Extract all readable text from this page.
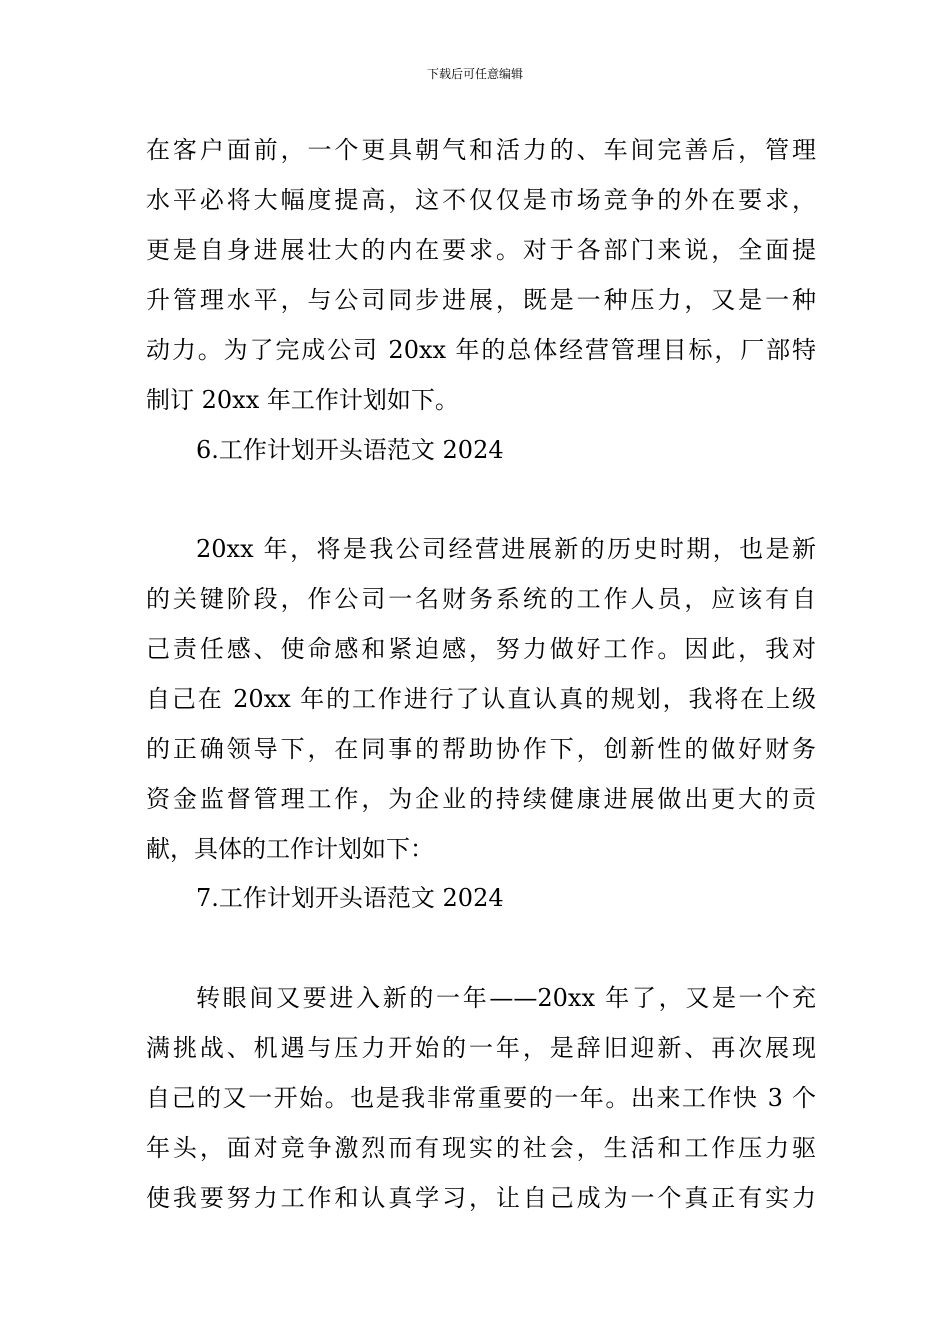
下载后可任意编辑
在客户面前，一个更具朝气和活力的、车间完善后，管理
水平必将大幅度提高，这不仅仅是市场竞争的外在要求，
更是自身进展壮大的内在要求。对于各部门来说，全面提
升管理水平，与公司同步进展，既是一种压力，又是一种
动力。为了完成公司 20xx 年的总体经营管理目标，厂部特
制订 20xx 年工作计划如下。
6.工作计划开头语范文 2024
20xx 年，将是我公司经营进展新的历史时期，也是新
的关键阶段，作公司一名财务系统的工作人员，应该有自
己责任感、使命感和紧迫感，努力做好工作。因此，我对
自己在 20xx 年的工作进行了认直认真的规划，我将在上级
的正确领导下，在同事的帮助协作下，创新性的做好财务
资金监督管理工作，为企业的持续健康进展做出更大的贡
献，具体的工作计划如下：
7.工作计划开头语范文 2024
转眼间又要进入新的一年——20xx 年了，又是一个充
满挑战、机遇与压力开始的一年，是辞旧迎新、再次展现
自己的又一开始。也是我非常重要的一年。出来工作快 3 个
年头，面对竞争激烈而有现实的社会，生活和工作压力驱
使我要努力工作和认真学习，让自己成为一个真正有实力
